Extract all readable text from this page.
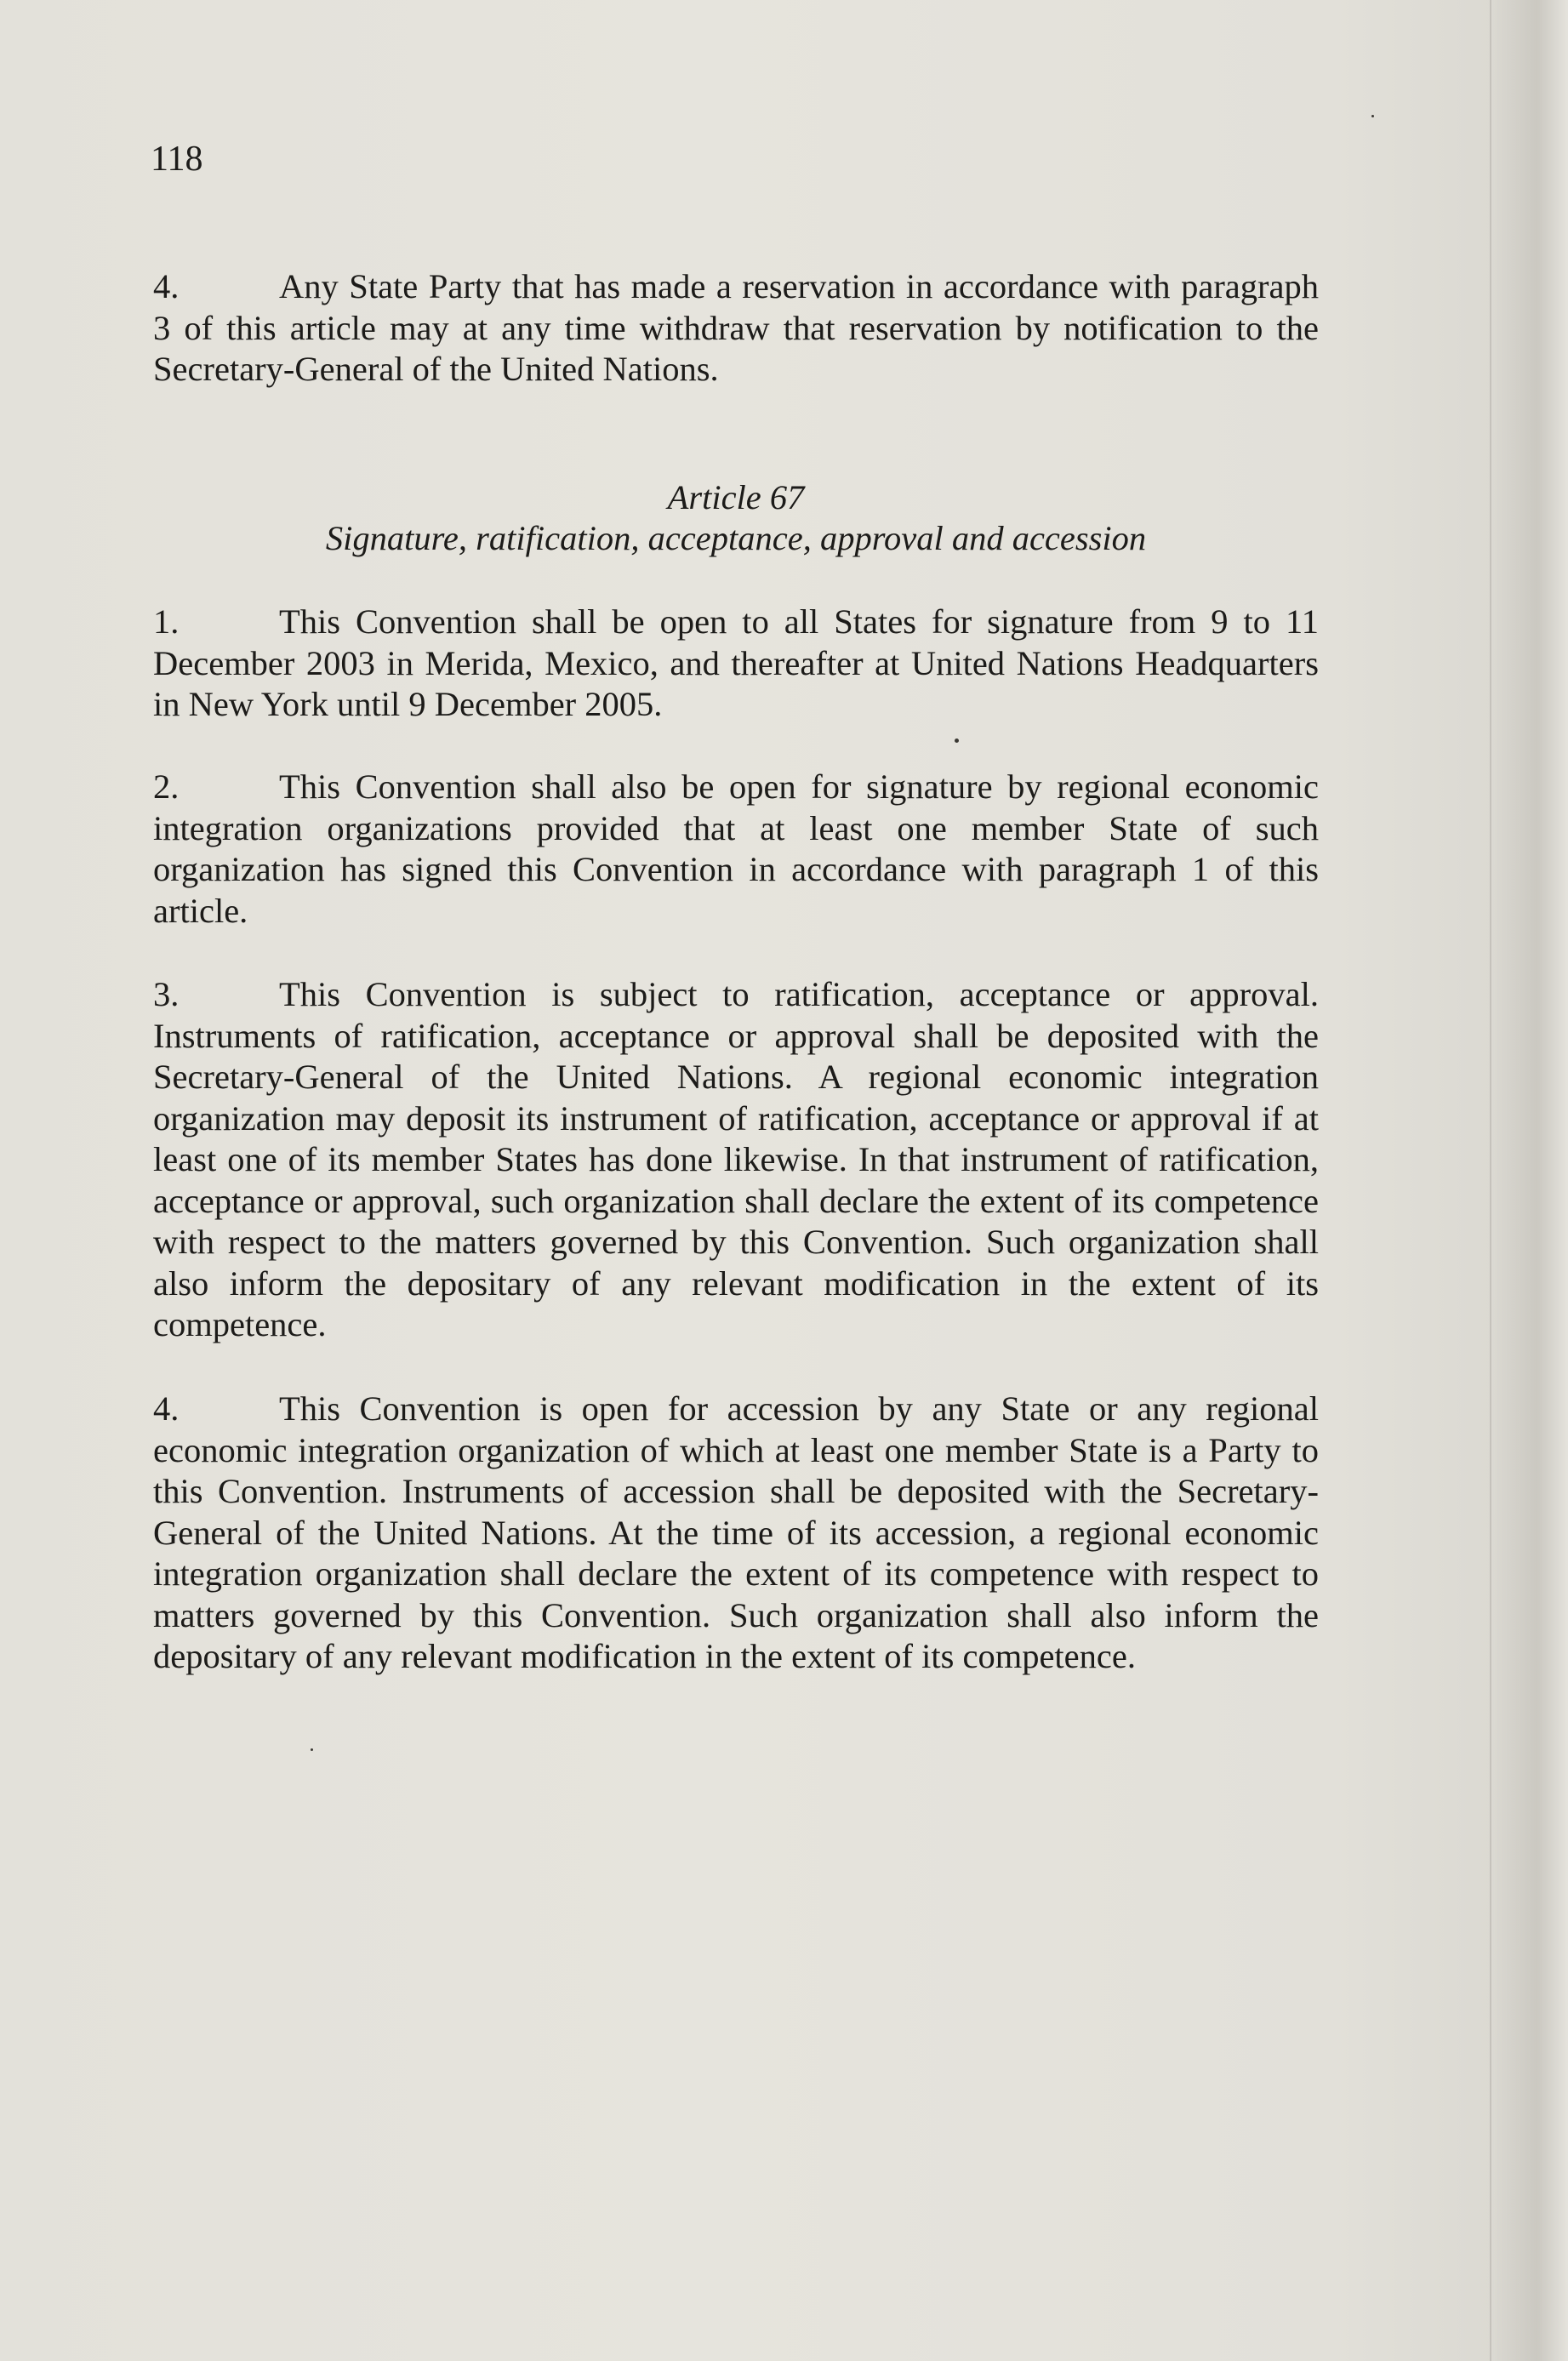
118

4.	Any State Party that has made a reservation in accordance with paragraph 3 of this article may at any time withdraw that reservation by notification to the Secretary-General of the United Nations.

Article 67
Signature, ratification, acceptance, approval and accession

1.	This Convention shall be open to all States for signature from 9 to 11 December 2003 in Merida, Mexico, and thereafter at United Nations Headquarters in New York until 9 December 2005.

2.	This Convention shall also be open for signature by regional economic integration organizations provided that at least one member State of such organization has signed this Convention in accordance with paragraph 1 of this article.

3.	This Convention is subject to ratification, acceptance or approval. Instruments of ratification, acceptance or approval shall be deposited with the Secretary-General of the United Nations. A regional economic integration organization may deposit its instrument of ratification, acceptance or approval if at least one of its member States has done likewise. In that instrument of ratification, acceptance or approval, such organization shall declare the extent of its competence with respect to the matters governed by this Convention. Such organization shall also inform the depositary of any relevant modification in the extent of its competence.

4.	This Convention is open for accession by any State or any regional economic integration organization of which at least one member State is a Party to this Convention. Instruments of accession shall be deposited with the Secretary-General of the United Nations. At the time of its accession, a regional economic integration organization shall declare the extent of its competence with respect to matters governed by this Convention. Such organization shall also inform the depositary of any relevant modification in the extent of its competence.
